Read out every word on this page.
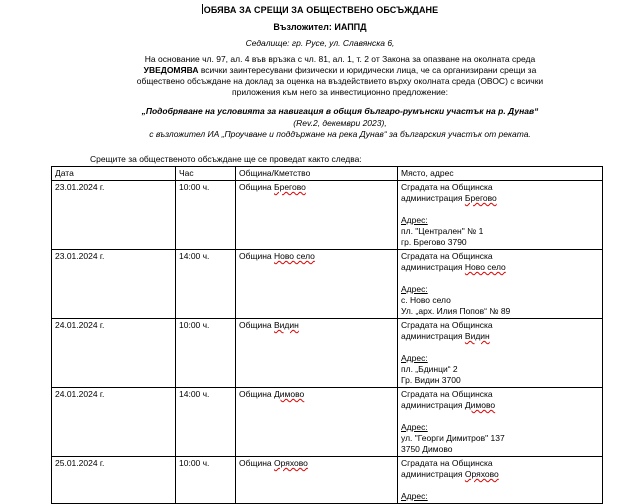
ОБЯВА ЗА СРЕЩИ ЗА ОБЩЕСТВЕНО ОБСЪЖДАНЕ
Възложител: ИАППД
Седалище: гр. Русе, ул. Славянска 6,
На основание чл. 97, ал. 4 във връзка с чл. 81, ал. 1, т. 2 от Закона за опазване на околната среда
УВЕДОМЯВА всички заинтересувани физически и юридически лица, че са организирани срещи за
обществено обсъждане на доклад за оценка на въздействието върху околната среда (ОВОС) с всички
приложения към него за инвестиционно предложение:
„Подобряване на условията за навигация в общия българо-румънски участък на р. Дунав“
(Rev.2, декември 2023),
с възложител ИА „Проучване и поддържане на река Дунав“ за българския участък от реката.
Срещите за общественото обсъждане ще се проведат както следва:
Дата	Час	Община/Кметство	Място, адрес
23.01.2024 г.	10:00 ч.	Община Брегово	Сградата на Общинска
администрация Брегово
Адрес:
пл. "Централен" № 1
гр. Брегово 3790

23.01.2024 г.	14:00 ч.	Община Ново село	Сградата на Общинска
администрация Ново село
Адрес:
с. Ново село
Ул. „арх. Илия Попов“ № 89

24.01.2024 г.	10:00 ч.	Община Видин	Сградата на Общинска
администрация Видин
Адрес:
пл. „Бдинци“ 2
Гр. Видин 3700

24.01.2024 г.	14:00 ч.	Община Димово	Сградата на Общинска
администрация Димово
Адрес:
ул. "Георги Димитров" 137
3750 Димово

25.01.2024 г.	10:00 ч.	Община Оряхово	Сградата на Общинска
администрация Оряхово
Адрес:
